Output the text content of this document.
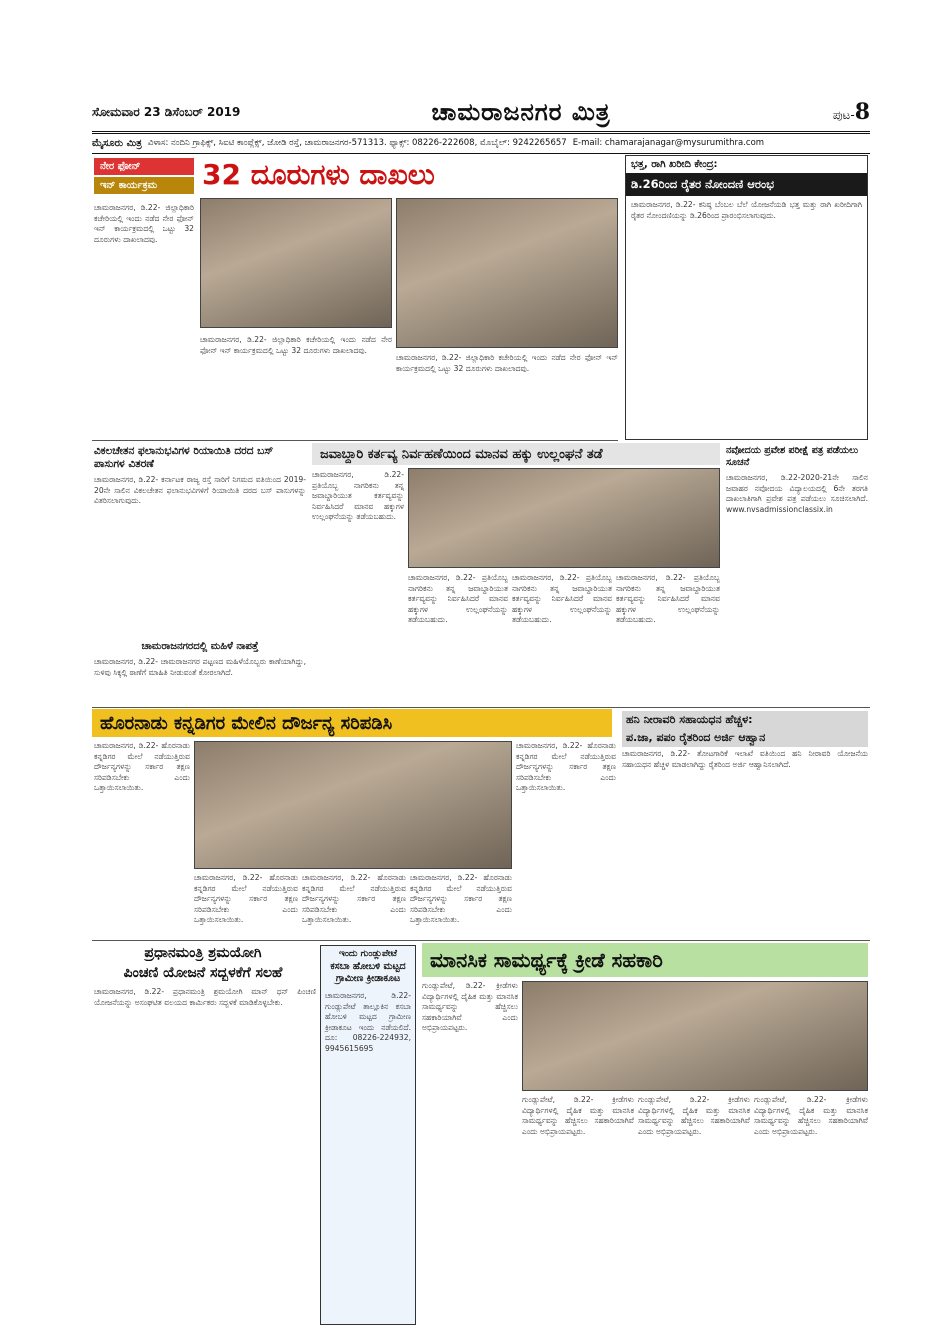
ಸೋಮವಾರ 23 ಡಿಸೆಂಬರ್ 2019	ಚಾಮರಾಜನಗರ ಮಿತ್ರ	ಪುಟ-8
ಮೈಸೂರು ಮಿತ್ರ ವಿಳಾಸ: ನಂದಿನಿ ಗ್ರಾಫಿಕ್ಸ್, ಸಿಐಟಿ ಕಾಂಪ್ಲೆಕ್ಸ್, ಜೋಡಿ ರಸ್ತೆ, ಚಾಮರಾಜನಗರ-571313. ಫ್ಯಾಕ್ಸ್: 08226-222608, ಮೊಬೈಲ್: 9242265657 E-mail: chamarajanagar@mysurumithra.com
ನೇರ ಫೋನ್
ಇನ್ ಕಾರ್ಯಕ್ರಮ	32 ದೂರುಗಳು ದಾಖಲು
ಚಾಮರಾಜನಗರ, ಡಿ.22- ಜಿಲ್ಲಾಧಿಕಾರಿ ಕಚೇರಿಯಲ್ಲಿ ಇಂದು ನಡೆದ ನೇರ ಫೋನ್ ಇನ್ ಕಾರ್ಯಕ್ರಮದಲ್ಲಿ ಒಟ್ಟು 32 ದೂರುಗಳು ದಾಖಲಾದವು.
ಚಾಮರಾಜನಗರ, ಡಿ.22- ಜಿಲ್ಲಾಧಿಕಾರಿ ಕಚೇರಿಯಲ್ಲಿ ಇಂದು ನಡೆದ ನೇರ ಫೋನ್ ಇನ್ ಕಾರ್ಯಕ್ರಮದಲ್ಲಿ ಒಟ್ಟು 32 ದೂರುಗಳು ದಾಖಲಾದವು.
ಚಾಮರಾಜನಗರ, ಡಿ.22- ಜಿಲ್ಲಾಧಿಕಾರಿ ಕಚೇರಿಯಲ್ಲಿ ಇಂದು ನಡೆದ ನೇರ ಫೋನ್ ಇನ್ ಕಾರ್ಯಕ್ರಮದಲ್ಲಿ ಒಟ್ಟು 32 ದೂರುಗಳು ದಾಖಲಾದವು.
ಭತ್ತ, ರಾಗಿ ಖರೀದಿ ಕೇಂದ್ರ:
ಡಿ.26ರಿಂದ ರೈತರ ನೋಂದಣಿ ಆರಂಭ
ಚಾಮರಾಜನಗರ, ಡಿ.22- ಕನಿಷ್ಠ ಬೆಂಬಲ ಬೆಲೆ ಯೋಜನೆಯಡಿ ಭತ್ತ ಮತ್ತು ರಾಗಿ ಖರೀದಿಗಾಗಿ ರೈತರ ನೋಂದಣಿಯನ್ನು ಡಿ.26ರಿಂದ ಪ್ರಾರಂಭಿಸಲಾಗುವುದು.
ವಿಕಲಚೇತನ ಫಲಾನುಭವಿಗಳ ರಿಯಾಯಿತಿ ದರದ ಬಸ್ ಪಾಸುಗಳ ವಿತರಣೆ
ಚಾಮರಾಜನಗರ, ಡಿ.22- ಕರ್ನಾಟಕ ರಾಜ್ಯ ರಸ್ತೆ ಸಾರಿಗೆ ನಿಗಮದ ವತಿಯಿಂದ 2019-20ನೇ ಸಾಲಿನ ವಿಕಲಚೇತನ ಫಲಾನುಭವಿಗಳಿಗೆ ರಿಯಾಯಿತಿ ದರದ ಬಸ್ ಪಾಸುಗಳನ್ನು ವಿತರಿಸಲಾಗುವುದು.
ಚಾಮರಾಜನಗರದಲ್ಲಿ ಮಹಿಳೆ ನಾಪತ್ತೆ
ಚಾಮರಾಜನಗರ, ಡಿ.22- ಚಾಮರಾಜನಗರ ಪಟ್ಟಣದ ಮಹಿಳೆಯೊಬ್ಬರು ಕಾಣೆಯಾಗಿದ್ದು, ಸುಳಿವು ಸಿಕ್ಕಲ್ಲಿ ಠಾಣೆಗೆ ಮಾಹಿತಿ ನೀಡುವಂತೆ ಕೋರಲಾಗಿದೆ.
ಜವಾಬ್ದಾರಿ ಕರ್ತವ್ಯ ನಿರ್ವಹಣೆಯಿಂದ ಮಾನವ ಹಕ್ಕು ಉಲ್ಲಂಘನೆ ತಡೆ
ಚಾಮರಾಜನಗರ, ಡಿ.22- ಪ್ರತಿಯೊಬ್ಬ ನಾಗರಿಕನು ತನ್ನ ಜವಾಬ್ದಾರಿಯುತ ಕರ್ತವ್ಯವನ್ನು ನಿರ್ವಹಿಸಿದರೆ ಮಾನವ ಹಕ್ಕುಗಳ ಉಲ್ಲಂಘನೆಯನ್ನು ತಡೆಯಬಹುದು.
ಚಾಮರಾಜನಗರ, ಡಿ.22- ಪ್ರತಿಯೊಬ್ಬ ನಾಗರಿಕನು ತನ್ನ ಜವಾಬ್ದಾರಿಯುತ ಕರ್ತವ್ಯವನ್ನು ನಿರ್ವಹಿಸಿದರೆ ಮಾನವ ಹಕ್ಕುಗಳ ಉಲ್ಲಂಘನೆಯನ್ನು ತಡೆಯಬಹುದು.
ಚಾಮರಾಜನಗರ, ಡಿ.22- ಪ್ರತಿಯೊಬ್ಬ ನಾಗರಿಕನು ತನ್ನ ಜವಾಬ್ದಾರಿಯುತ ಕರ್ತವ್ಯವನ್ನು ನಿರ್ವಹಿಸಿದರೆ ಮಾನವ ಹಕ್ಕುಗಳ ಉಲ್ಲಂಘನೆಯನ್ನು ತಡೆಯಬಹುದು.
ಚಾಮರಾಜನಗರ, ಡಿ.22- ಪ್ರತಿಯೊಬ್ಬ ನಾಗರಿಕನು ತನ್ನ ಜವಾಬ್ದಾರಿಯುತ ಕರ್ತವ್ಯವನ್ನು ನಿರ್ವಹಿಸಿದರೆ ಮಾನವ ಹಕ್ಕುಗಳ ಉಲ್ಲಂಘನೆಯನ್ನು ತಡೆಯಬಹುದು.
ನವೋದಯ ಪ್ರವೇಶ ಪರೀಕ್ಷೆ ಪತ್ರ ಪಡೆಯಲು ಸೂಚನೆ
ಚಾಮರಾಜನಗರ, ಡಿ.22-2020-21ನೇ ಸಾಲಿನ ಜವಾಹರ ನವೋದಯ ವಿದ್ಯಾಲಯದಲ್ಲಿ 6ನೇ ತರಗತಿ ದಾಖಲಾತಿಗಾಗಿ ಪ್ರವೇಶ ಪತ್ರ ಪಡೆಯಲು ಸೂಚಿಸಲಾಗಿದೆ. www.nvsadmissionclassix.in
ಹೊರನಾಡು ಕನ್ನಡಿಗರ ಮೇಲಿನ ದೌರ್ಜನ್ಯ ಸರಿಪಡಿಸಿ
ಚಾಮರಾಜನಗರ, ಡಿ.22- ಹೊರನಾಡು ಕನ್ನಡಿಗರ ಮೇಲೆ ನಡೆಯುತ್ತಿರುವ ದೌರ್ಜನ್ಯಗಳನ್ನು ಸರ್ಕಾರ ತಕ್ಷಣ ಸರಿಪಡಿಸಬೇಕು ಎಂದು ಒತ್ತಾಯಿಸಲಾಯಿತು.
ಚಾಮರಾಜನಗರ, ಡಿ.22- ಹೊರನಾಡು ಕನ್ನಡಿಗರ ಮೇಲೆ ನಡೆಯುತ್ತಿರುವ ದೌರ್ಜನ್ಯಗಳನ್ನು ಸರ್ಕಾರ ತಕ್ಷಣ ಸರಿಪಡಿಸಬೇಕು ಎಂದು ಒತ್ತಾಯಿಸಲಾಯಿತು.
ಚಾಮರಾಜನಗರ, ಡಿ.22- ಹೊರನಾಡು ಕನ್ನಡಿಗರ ಮೇಲೆ ನಡೆಯುತ್ತಿರುವ ದೌರ್ಜನ್ಯಗಳನ್ನು ಸರ್ಕಾರ ತಕ್ಷಣ ಸರಿಪಡಿಸಬೇಕು ಎಂದು ಒತ್ತಾಯಿಸಲಾಯಿತು.
ಚಾಮರಾಜನಗರ, ಡಿ.22- ಹೊರನಾಡು ಕನ್ನಡಿಗರ ಮೇಲೆ ನಡೆಯುತ್ತಿರುವ ದೌರ್ಜನ್ಯಗಳನ್ನು ಸರ್ಕಾರ ತಕ್ಷಣ ಸರಿಪಡಿಸಬೇಕು ಎಂದು ಒತ್ತಾಯಿಸಲಾಯಿತು.
ಚಾಮರಾಜನಗರ, ಡಿ.22- ಹೊರನಾಡು ಕನ್ನಡಿಗರ ಮೇಲೆ ನಡೆಯುತ್ತಿರುವ ದೌರ್ಜನ್ಯಗಳನ್ನು ಸರ್ಕಾರ ತಕ್ಷಣ ಸರಿಪಡಿಸಬೇಕು ಎಂದು ಒತ್ತಾಯಿಸಲಾಯಿತು.
ಹನಿ ನೀರಾವರಿ ಸಹಾಯಧನ ಹೆಚ್ಚಳ:
ಪ.ಜಾ, ಪಪಂ ರೈತರಿಂದ ಅರ್ಜಿ ಆಹ್ವಾನ
ಚಾಮರಾಜನಗರ, ಡಿ.22- ತೋಟಗಾರಿಕೆ ಇಲಾಖೆ ವತಿಯಿಂದ ಹನಿ ನೀರಾವರಿ ಯೋಜನೆಯ ಸಹಾಯಧನ ಹೆಚ್ಚಳ ಮಾಡಲಾಗಿದ್ದು ರೈತರಿಂದ ಅರ್ಜಿ ಆಹ್ವಾನಿಸಲಾಗಿದೆ.
ಪ್ರಧಾನಮಂತ್ರಿ ಶ್ರಮಯೋಗಿ
ಪಿಂಚಣಿ ಯೋಜನೆ ಸದ್ಬಳಕೆಗೆ ಸಲಹೆ
ಚಾಮರಾಜನಗರ, ಡಿ.22- ಪ್ರಧಾನಮಂತ್ರಿ ಶ್ರಮಯೋಗಿ ಮಾನ್ ಧನ್ ಪಿಂಚಣಿ ಯೋಜನೆಯನ್ನು ಅಸಂಘಟಿತ ವಲಯದ ಕಾರ್ಮಿಕರು ಸದ್ಬಳಕೆ ಮಾಡಿಕೊಳ್ಳಬೇಕು.
ಇಂದು ಗುಂಡ್ಲುಪೇಟೆ
ಕಸಬಾ ಹೋಬಳಿ ಮಟ್ಟದ ಗ್ರಾಮೀಣ ಕ್ರೀಡಾಕೂಟ
ಚಾಮರಾಜನಗರ, ಡಿ.22- ಗುಂಡ್ಲುಪೇಟೆ ತಾಲ್ಲೂಕಿನ ಕಸಬಾ ಹೋಬಳಿ ಮಟ್ಟದ ಗ್ರಾಮೀಣ ಕ್ರೀಡಾಕೂಟ ಇಂದು ನಡೆಯಲಿದೆ. ದೂ: 08226-224932, 9945615695
ಮಾನಸಿಕ ಸಾಮರ್ಥ್ಯಕ್ಕೆ ಕ್ರೀಡೆ ಸಹಕಾರಿ
ಗುಂಡ್ಲುಪೇಟೆ, ಡಿ.22- ಕ್ರೀಡೆಗಳು ವಿದ್ಯಾರ್ಥಿಗಳಲ್ಲಿ ದೈಹಿಕ ಮತ್ತು ಮಾನಸಿಕ ಸಾಮರ್ಥ್ಯವನ್ನು ಹೆಚ್ಚಿಸಲು ಸಹಕಾರಿಯಾಗಿವೆ ಎಂದು ಅಭಿಪ್ರಾಯಪಟ್ಟರು.
ಗುಂಡ್ಲುಪೇಟೆ, ಡಿ.22- ಕ್ರೀಡೆಗಳು ವಿದ್ಯಾರ್ಥಿಗಳಲ್ಲಿ ದೈಹಿಕ ಮತ್ತು ಮಾನಸಿಕ ಸಾಮರ್ಥ್ಯವನ್ನು ಹೆಚ್ಚಿಸಲು ಸಹಕಾರಿಯಾಗಿವೆ ಎಂದು ಅಭಿಪ್ರಾಯಪಟ್ಟರು.
ಗುಂಡ್ಲುಪೇಟೆ, ಡಿ.22- ಕ್ರೀಡೆಗಳು ವಿದ್ಯಾರ್ಥಿಗಳಲ್ಲಿ ದೈಹಿಕ ಮತ್ತು ಮಾನಸಿಕ ಸಾಮರ್ಥ್ಯವನ್ನು ಹೆಚ್ಚಿಸಲು ಸಹಕಾರಿಯಾಗಿವೆ ಎಂದು ಅಭಿಪ್ರಾಯಪಟ್ಟರು.
ಗುಂಡ್ಲುಪೇಟೆ, ಡಿ.22- ಕ್ರೀಡೆಗಳು ವಿದ್ಯಾರ್ಥಿಗಳಲ್ಲಿ ದೈಹಿಕ ಮತ್ತು ಮಾನಸಿಕ ಸಾಮರ್ಥ್ಯವನ್ನು ಹೆಚ್ಚಿಸಲು ಸಹಕಾರಿಯಾಗಿವೆ ಎಂದು ಅಭಿಪ್ರಾಯಪಟ್ಟರು.
